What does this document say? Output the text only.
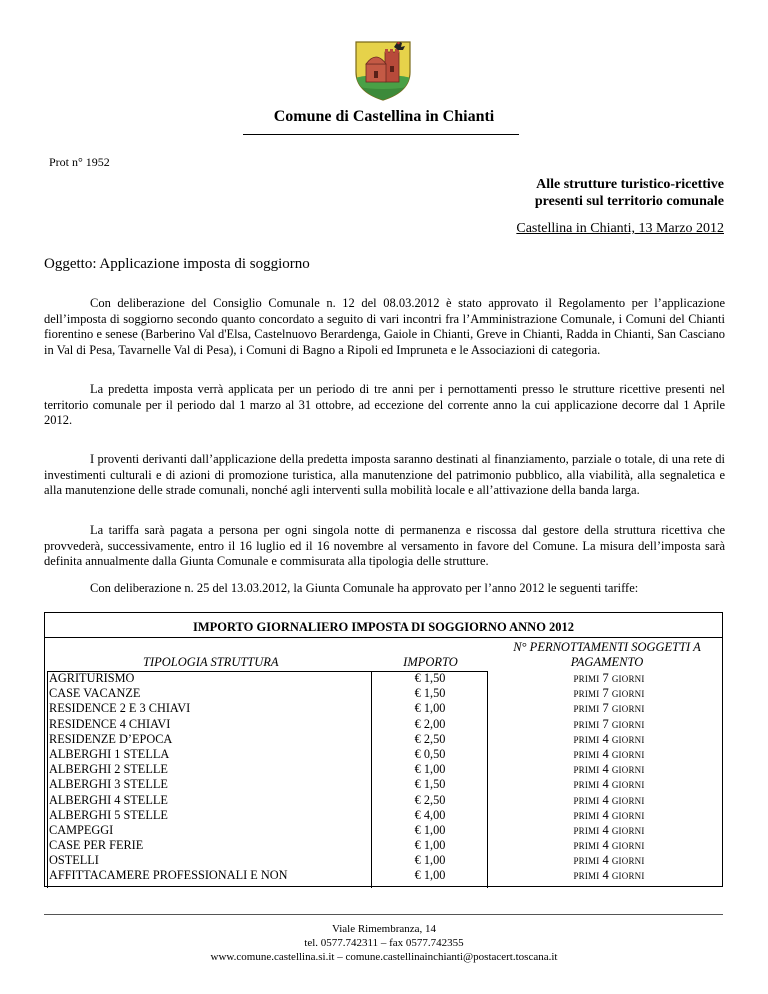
Comune di Castellina in Chianti
Prot n° 1952
Alle strutture turistico-ricettive
presenti sul territorio comunale
Castellina in Chianti, 13 Marzo 2012
Oggetto: Applicazione imposta di soggiorno
Con deliberazione del Consiglio Comunale n. 12 del 08.03.2012 è stato approvato il Regolamento per l’applicazione dell’imposta di soggiorno secondo quanto concordato a seguito di vari incontri fra l’Amministrazione Comunale, i Comuni del Chianti fiorentino e senese (Barberino Val d'Elsa, Castelnuovo Berardenga, Gaiole in Chianti, Greve in Chianti, Radda in Chianti, San Casciano in Val di Pesa, Tavarnelle Val di Pesa), i Comuni di Bagno a Ripoli ed Impruneta e le Associazioni di categoria.
La predetta imposta verrà applicata per un periodo di tre anni per i pernottamenti presso le strutture ricettive presenti nel territorio comunale per il periodo dal 1 marzo al 31 ottobre, ad eccezione del corrente anno la cui applicazione decorre dal 1 Aprile 2012.
I proventi derivanti dall’applicazione della predetta imposta saranno destinati al finanziamento, parziale o totale, di una rete di investimenti culturali e di azioni di promozione turistica, alla manutenzione del patrimonio pubblico, alla viabilità, alla segnaletica e alla manutenzione delle strade comunali, nonché agli interventi sulla mobilità locale e all’attivazione della banda larga.
La tariffa sarà pagata a persona per ogni singola notte di permanenza e riscossa dal gestore della struttura ricettiva che provvederà, successivamente, entro il 16 luglio ed il 16 novembre al versamento in favore del Comune. La misura dell’imposta sarà definita annualmente dalla Giunta Comunale e commisurata alla tipologia delle strutture.
Con deliberazione n. 25 del 13.03.2012, la Giunta Comunale ha approvato per l’anno 2012 le seguenti tariffe:
IMPORTO GIORNALIERO IMPOSTA DI SOGGIORNO ANNO 2012
TIPOLOGIA STRUTTURA	IMPORTO
N° PERNOTTAMENTI SOGGETTI A PAGAMENTO
AGRITURISMO	€ 1,50	PRIMI 7 GIORNI
CASE VACANZE	€ 1,50	PRIMI 7 GIORNI
RESIDENCE 2 E 3 CHIAVI	€ 1,00	PRIMI 7 GIORNI
RESIDENCE 4 CHIAVI	€ 2,00	PRIMI 7 GIORNI
RESIDENZE D’EPOCA	€ 2,50	PRIMI 4 GIORNI
ALBERGHI 1 STELLA	€ 0,50	PRIMI 4 GIORNI
ALBERGHI 2 STELLE	€ 1,00	PRIMI 4 GIORNI
ALBERGHI 3 STELLE	€ 1,50	PRIMI 4 GIORNI
ALBERGHI 4 STELLE	€ 2,50	PRIMI 4 GIORNI
ALBERGHI 5 STELLE	€ 4,00	PRIMI 4 GIORNI
CAMPEGGI	€ 1,00	PRIMI 4 GIORNI
CASE PER FERIE	€ 1,00	PRIMI 4 GIORNI
OSTELLI	€ 1,00	PRIMI 4 GIORNI
AFFITTACAMERE PROFESSIONALI E NON	€ 1,00	PRIMI 4 GIORNI
Viale Rimembranza, 14
tel. 0577.742311 – fax 0577.742355
www.comune.castellina.si.it – comune.castellinainchianti@postacert.toscana.it
